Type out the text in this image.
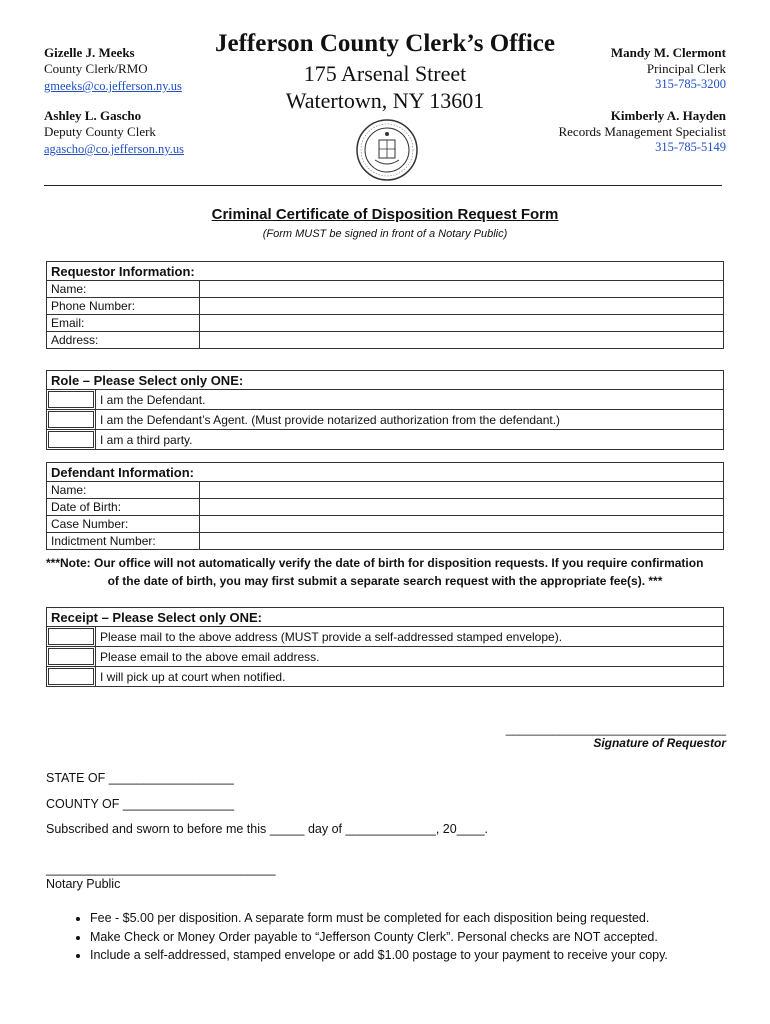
Gizelle J. Meeks
County Clerk/RMO
gmeeks@co.jefferson.ny.us
Ashley L. Gascho
Deputy County Clerk
agascho@co.jefferson.ny.us
Jefferson County Clerk’s Office
175 Arsenal Street
Watertown, NY 13601
Mandy M. Clermont
Principal Clerk
315-785-3200
Kimberly A. Hayden
Records Management Specialist
315-785-5149
Criminal Certificate of Disposition Request Form
(Form MUST be signed in front of a Notary Public)
Requestor Information:	
Name:	
Phone Number:	
Email:	
Address:	
Role – Please Select only ONE:	

	I am the Defendant.

	I am the Defendant’s Agent. (Must provide notarized authorization from the defendant.)

	I am a third party.
Defendant Information:	
Name:	
Date of Birth:	
Case Number:	
Indictment Number:	
***Note: Our office will not automatically verify the date of birth for disposition requests. If you require confirmation
of the date of birth, you may first submit a separate search request with the appropriate fee(s). ***
Receipt – Please Select only ONE:	

	Please mail to the above address (MUST provide a self-addressed stamped envelope).

	Please email to the above email address.

	I will pick up at court when notified.
_________________________________
Signature of Requestor
STATE OF __________________
COUNTY OF ________________
Subscribed and sworn to before me this _____ day of _____________, 20____.
_________________________________
Notary Public
• Fee - $5.00 per disposition. A separate form must be completed for each disposition being requested.
• Make Check or Money Order payable to “Jefferson County Clerk”. Personal checks are NOT accepted.
• Include a self-addressed, stamped envelope or add $1.00 postage to your payment to receive your copy.
